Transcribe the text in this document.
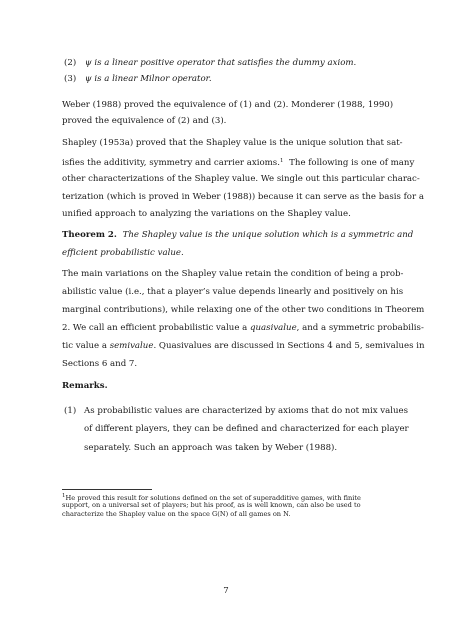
(2) ψ is a linear positive operator that satisfies the dummy axiom.
(3) ψ is a linear Milnor operator.
Weber (1988) proved the equivalence of (1) and (2). Monderer (1988, 1990)
proved the equivalence of (2) and (3).
Shapley (1953a) proved that the Shapley value is the unique solution that sat-
isfies the additivity, symmetry and carrier axioms.$^1$ The following is one of many
other characterizations of the Shapley value. We single out this particular charac-
terization (which is proved in Weber (1988)) because it can serve as the basis for a
unified approach to analyzing the variations on the Shapley value.
Theorem 2. The Shapley value is the unique solution which is a symmetric and
efficient probabilistic value.
The main variations on the Shapley value retain the condition of being a prob-
abilistic value (i.e., that a player’s value depends linearly and positively on his
marginal contributions), while relaxing one of the other two conditions in Theorem
2. We call an efficient probabilistic value a quasivalue, and a symmetric probabilis-
tic value a semivalue. Quasivalues are discussed in Sections 4 and 5, semivalues in
Sections 6 and 7.
Remarks.
(1) As probabilistic values are characterized by axioms that do not mix values
of different players, they can be defined and characterized for each player
separately. Such an approach was taken by Weber (1988).
$^1$He proved this result for solutions defined on the set of superadditive games, with finite
support, on a universal set of players; but his proof, as is well known, can also be used to
characterize the Shapley value on the space G(N) of all games on N.
7
